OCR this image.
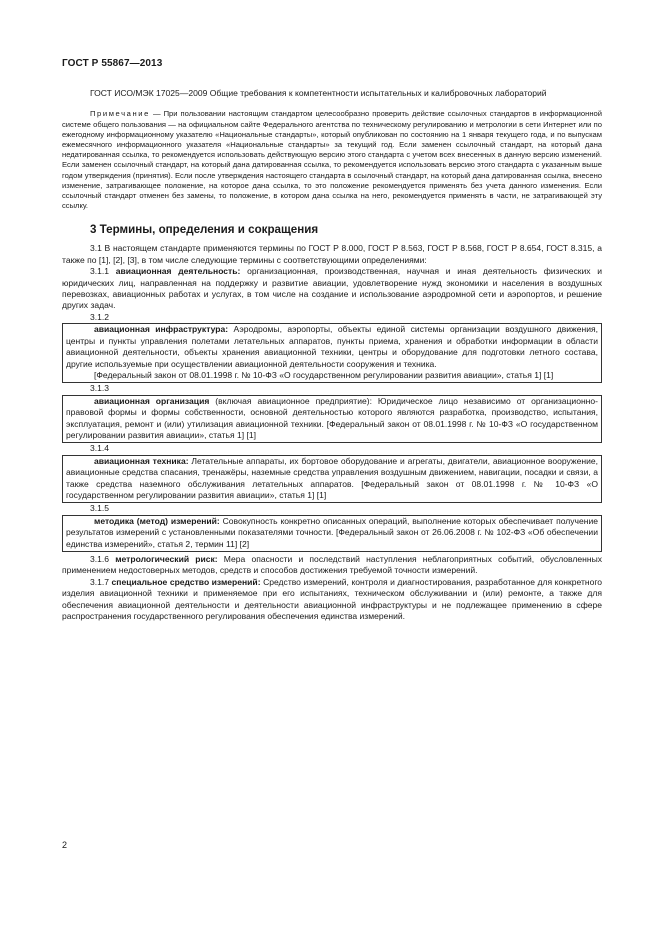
ГОСТ Р 55867—2013

ГОСТ ИСО/МЭК 17025—2009 Общие требования к компетентности испытательных и калибровочных лабораторий

Примечание — При пользовании настоящим стандартом целесообразно проверить действие ссылочных стандартов в информационной системе общего пользования — на официальном сайте Федерального агентства по техническому регулированию и метрологии в сети Интернет или по ежегодному информационному указателю «Национальные стандарты», который опубликован по состоянию на 1 января текущего года, и по выпускам ежемесячного информационного указателя «Национальные стандарты» за текущий год. Если заменен ссылочный стандарт, на который дана недатированная ссылка, то рекомендуется использовать действующую версию этого стандарта с учетом всех внесенных в данную версию изменений. Если заменен ссылочный стандарт, на который дана датированная ссылка, то рекомендуется использовать версию этого стандарта с указанным выше годом утверждения (принятия). Если после утверждения настоящего стандарта в ссылочный стандарт, на который дана датированная ссылка, внесено изменение, затрагивающее положение, на которое дана ссылка, то это положение рекомендуется применять без учета данного изменения. Если ссылочный стандарт отменен без замены, то положение, в котором дана ссылка на него, рекомендуется применять в части, не затрагивающей эту ссылку.

3 Термины, определения и сокращения

3.1 В настоящем стандарте применяются термины по ГОСТ Р 8.000, ГОСТ Р 8.563, ГОСТ Р 8.568, ГОСТ Р 8.654, ГОСТ 8.315, а также по [1], [2], [3], в том числе следующие термины с соответствующими определениями:

3.1.1 авиационная деятельность: организационная, производственная, научная и иная деятельность физических и юридических лиц, направленная на поддержку и развитие авиации, удовлетворение нужд экономики и населения в воздушных перевозках, авиационных работах и услугах, в том числе на создание и использование аэродромной сети и аэропортов, и решение других задач.

3.1.2

авиационная инфраструктура: Аэродромы, аэропорты, объекты единой системы организации воздушного движения, центры и пункты управления полетами летательных аппаратов, пункты приема, хранения и обработки информации в области авиационной деятельности, объекты хранения авиационной техники, центры и оборудование для подготовки летного состава, другие используемые при осуществлении авиационной деятельности сооружения и техника.

[Федеральный закон от 08.01.1998 г. № 10-ФЗ «О государственном регулировании развития авиации», статья 1] [1]

3.1.3

авиационная организация (включая авиационное предприятие): Юридическое лицо независимо от организационно-правовой формы и формы собственности, основной деятельностью которого являются разработка, производство, испытания, эксплуатация, ремонт и (или) утилизация авиационной техники. [Федеральный закон от 08.01.1998 г. № 10-ФЗ «О государственном регулировании развития авиации», статья 1] [1]

3.1.4

авиационная техника: Летательные аппараты, их бортовое оборудование и агрегаты, двигатели, авиационное вооружение, авиационные средства спасания, тренажёры, наземные средства управления воздушным движением, навигации, посадки и связи, а также средства наземного обслуживания летательных аппаратов. [Федеральный закон от 08.01.1998 г. № 10-ФЗ «О государственном регулировании развития авиации», статья 1] [1]

3.1.5

методика (метод) измерений: Совокупность конкретно описанных операций, выполнение которых обеспечивает получение результатов измерений с установленными показателями точности. [Федеральный закон от 26.06.2008 г. № 102-ФЗ «Об обеспечении единства измерений», статья 2, термин 11] [2]

3.1.6 метрологический риск: Мера опасности и последствий наступления неблагоприятных событий, обусловленных применением недостоверных методов, средств и способов достижения требуемой точности измерений.

3.1.7 специальное средство измерений: Средство измерений, контроля и диагностирования, разработанное для конкретного изделия авиационной техники и применяемое при его испытаниях, техническом обслуживании и (или) ремонте, а также для обеспечения авиационной деятельности и деятельности авиационной инфраструктуры и не подлежащее применению в сфере распространения государственного регулирования обеспечения единства измерений.

2
